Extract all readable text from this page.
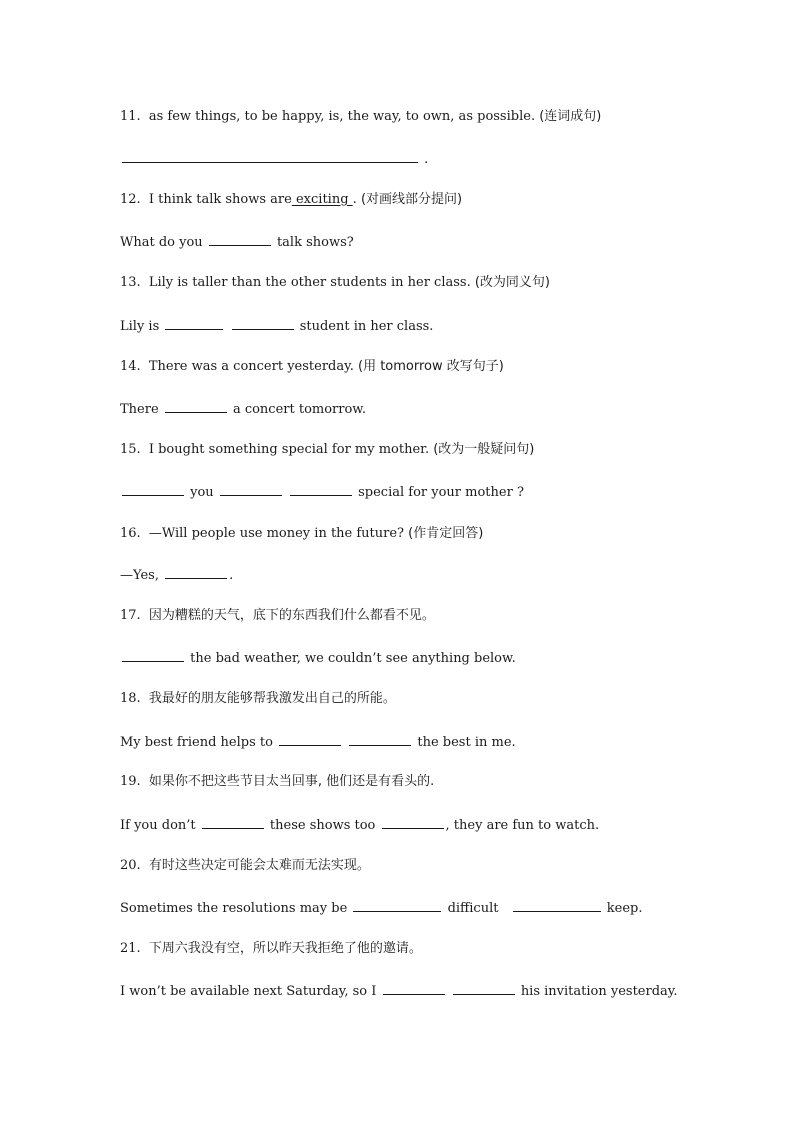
11. as few things, to be happy, is, the way, to own, as possible. (连词成句)
.
12. I think talk shows are exciting . (对画线部分提问)
What do you	talk shows?
13. Lily is taller than the other students in her class. (改为同义句)
Lily is	student in her class.
14. There was a concert yesterday. (用 tomorrow 改写句子)
There	a concert tomorrow.
15. I bought something special for my mother. (改为一般疑问句)
you	special for your mother ?
16. —Will people use money in the future? (作肯定回答)
—Yes,	.
17. 因为糟糕的天气，底下的东西我们什么都看不见。
the bad weather, we couldn’t see anything below.
18. 我最好的朋友能够帮我激发出自己的所能。
My best friend helps to	the best in me.
19. 如果你不把这些节目太当回事, 他们还是有看头的.
If you don’t	these shows too	, they are fun to watch.
20. 有时这些决定可能会太难而无法实现。
Sometimes the resolutions may be	difficult	keep.
21. 下周六我没有空，所以昨天我拒绝了他的邀请。
I won’t be available next Saturday, so I	his invitation yesterday.
